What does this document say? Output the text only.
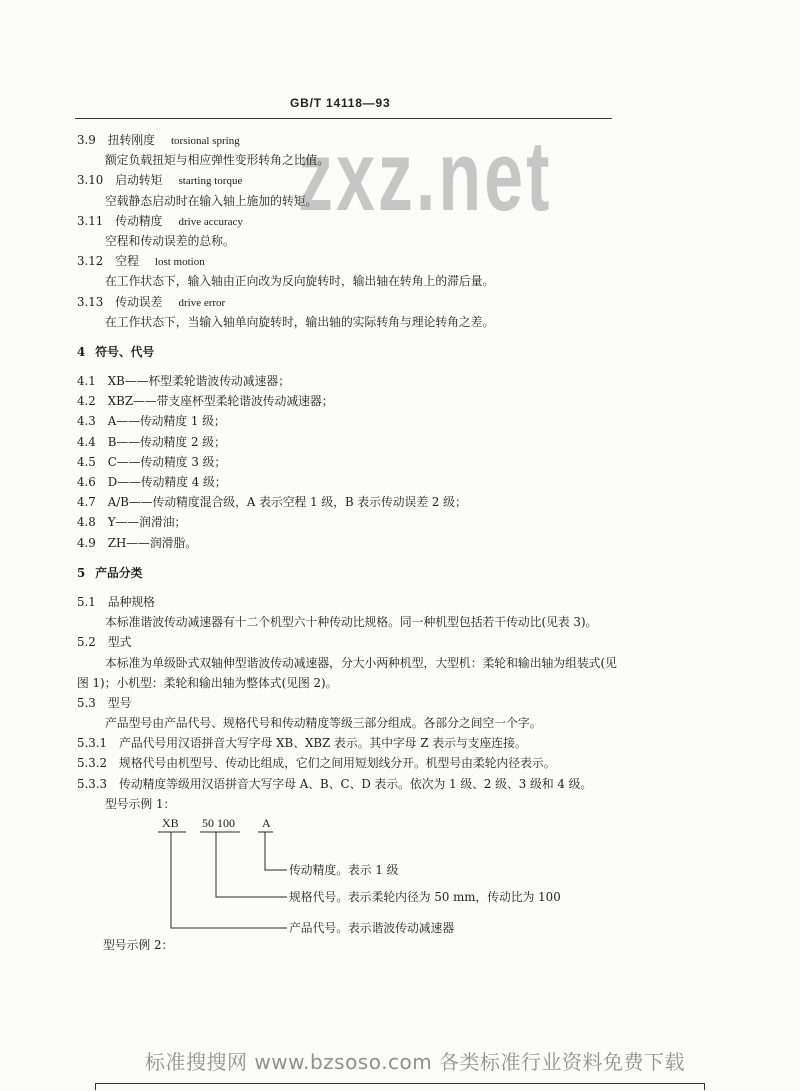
GB/T 14118—93
zxz.net
3.9 扭转刚度 torsional spring
额定负载扭矩与相应弹性变形转角之比值。
3.10 启动转矩 starting torque
空载静态启动时在输入轴上施加的转矩。
3.11 传动精度 drive accuracy
空程和传动误差的总称。
3.12 空程 lost motion
在工作状态下，输入轴由正向改为反向旋转时，输出轴在转角上的滞后量。
3.13 传动误差 drive error
在工作状态下，当输入轴单向旋转时，输出轴的实际转角与理论转角之差。
4 符号、代号
4.1 XB——杯型柔轮谐波传动减速器；
4.2 XBZ——带支座杯型柔轮谐波传动减速器；
4.3 A——传动精度 1 级；
4.4 B——传动精度 2 级；
4.5 C——传动精度 3 级；
4.6 D——传动精度 4 级；
4.7 A/B——传动精度混合级，A 表示空程 1 级，B 表示传动误差 2 级；
4.8 Y——润滑油；
4.9 ZH——润滑脂。
5 产品分类
5.1 品种规格
本标准谐波传动减速器有十二个机型六十种传动比规格。同一种机型包括若干传动比(见表 3)。
5.2 型式
本标准为单级卧式双轴伸型谐波传动减速器，分大小两种机型，大型机：柔轮和输出轴为组装式(见
图 1)；小机型：柔轮和输出轴为整体式(见图 2)。
5.3 型号
产品型号由产品代号、规格代号和传动精度等级三部分组成。各部分之间空一个字。
5.3.1 产品代号用汉语拼音大写字母 XB、XBZ 表示。其中字母 Z 表示与支座连接。
5.3.2 规格代号由机型号、传动比组成，它们之间用短划线分开。机型号由柔轮内径表示。
5.3.3 传动精度等级用汉语拼音大写字母 A、B、C、D 表示。依次为 1 级、2 级、3 级和 4 级。
型号示例 1：
XB 50 100 A
传动精度。表示 1 级
规格代号。表示柔轮内径为 50 mm，传动比为 100
产品代号。表示谐波传动减速器
型号示例 2：
标准搜搜网 www.bzsoso.com 各类标准行业资料免费下载
